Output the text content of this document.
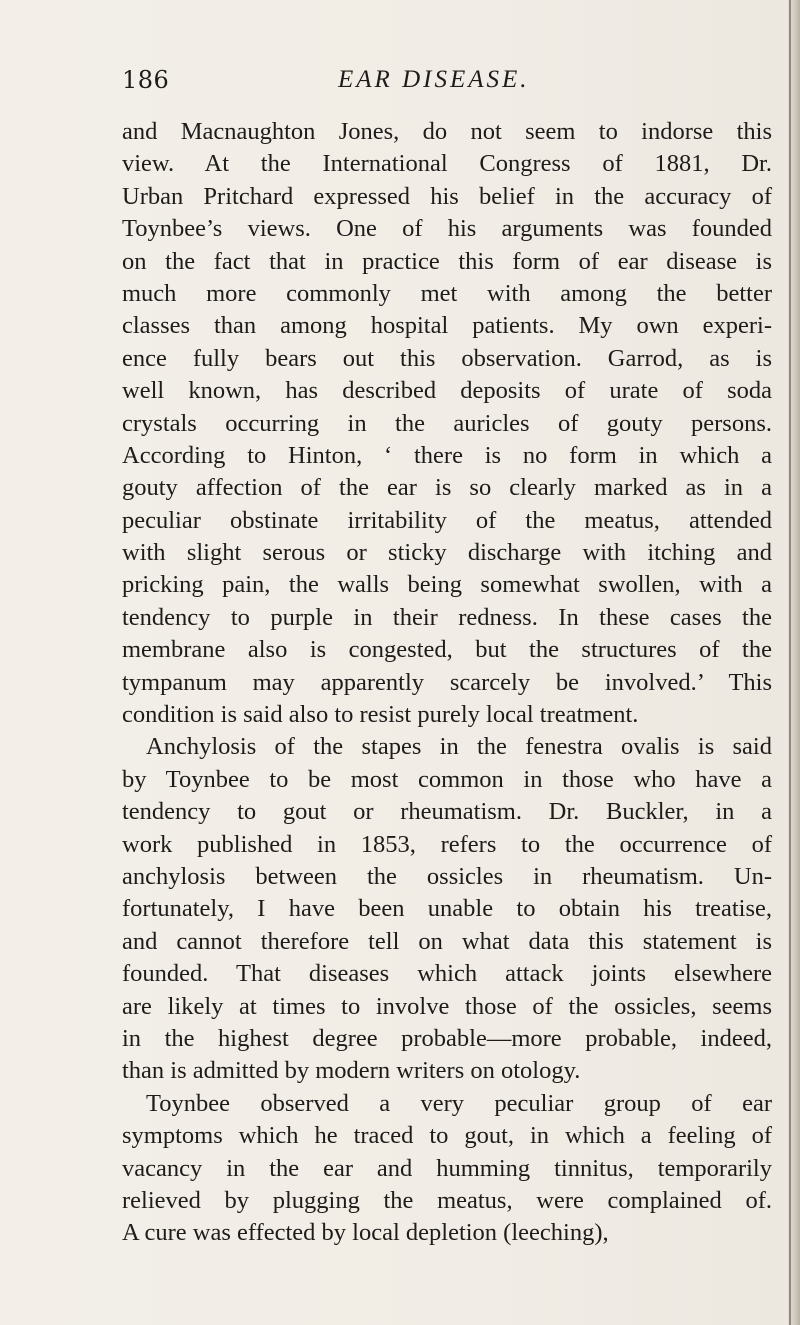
186	EAR DISEASE.
and Macnaughton Jones, do not seem to indorse this
view. At the International Congress of 1881, Dr.
Urban Pritchard expressed his belief in the accuracy of
Toynbee’s views. One of his arguments was founded
on the fact that in practice this form of ear disease is
much more commonly met with among the better
classes than among hospital patients. My own experi-
ence fully bears out this observation. Garrod, as is
well known, has described deposits of urate of soda
crystals occurring in the auricles of gouty persons.
According to Hinton, ‘ there is no form in which a
gouty affection of the ear is so clearly marked as in a
peculiar obstinate irritability of the meatus, attended
with slight serous or sticky discharge with itching and
pricking pain, the walls being somewhat swollen, with a
tendency to purple in their redness. In these cases the
membrane also is congested, but the structures of the
tympanum may apparently scarcely be involved.’ This
condition is said also to resist purely local treatment.
Anchylosis of the stapes in the fenestra ovalis is said
by Toynbee to be most common in those who have a
tendency to gout or rheumatism. Dr. Buckler, in a
work published in 1853, refers to the occurrence of
anchylosis between the ossicles in rheumatism. Un-
fortunately, I have been unable to obtain his treatise,
and cannot therefore tell on what data this statement is
founded. That diseases which attack joints elsewhere
are likely at times to involve those of the ossicles, seems
in the highest degree probable—more probable, indeed,
than is admitted by modern writers on otology.
Toynbee observed a very peculiar group of ear
symptoms which he traced to gout, in which a feeling of
vacancy in the ear and humming tinnitus, temporarily
relieved by plugging the meatus, were complained of.
A cure was effected by local depletion (leeching),
